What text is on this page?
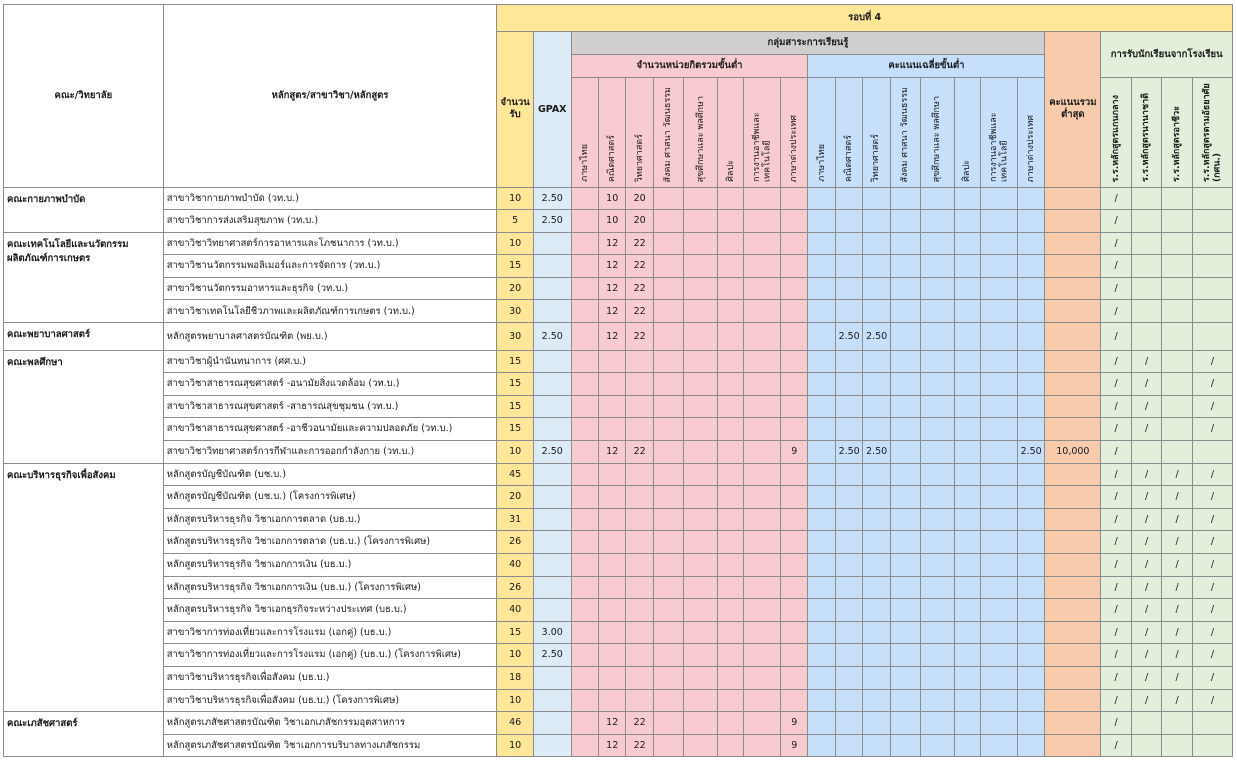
คณะ/วิทยาลัย	หลักสูตร/สาขาวิชา/หลักสูตร	รอบที่ 4																						
		จำนวนรับ	GPAX	กลุ่มสาระการเรียนรู้																คะแนนรวมต่ำสุด	การรับนักเรียนจากโรงเรียน			
				จำนวนหน่วยกิตรวมขั้นต่ำ								คะแนนเฉลี่ยขั้นต่ำ												
				ภาษาไทย	คณิตศาสตร์	วิทยาศาสตร์	สังคม ศาสนา วัฒนธรรม	สุขศึกษาและ พลศึกษา	ศิลปะ	การงานอาชีพและ เทคโนโลยี	ภาษาต่างประเทศ	ภาษาไทย	คณิตศาสตร์	วิทยาศาสตร์	สังคม ศาสนา วัฒนธรรม	สุขศึกษาและ พลศึกษา	ศิลปะ	การงานอาชีพและ เทคโนโลยี	ภาษาต่างประเทศ		ร.ร.หลักสูตรแกนกลาง	ร.ร.หลักสูตรนานาชาติ	ร.ร.หลักสูตรอาชีวะ	ร.ร.หลักสูตรตามอัธยาศัย (กศน.)
คณะกายภาพบำบัด	สาขาวิชากายภาพบำบัด (วท.บ.)	10	2.50		10	20															/			
	สาขาวิชาการส่งเสริมสุขภาพ (วท.บ.)	5	2.50		10	20															/			
คณะเทคโนโลยีและนวัตกรรมผลิตภัณฑ์การเกษตร	สาขาวิชาวิทยาศาสตร์การอาหารและโภชนาการ (วท.บ.)	10			12	22															/			
	สาขาวิชานวัตกรรมพอลิเมอร์และการจัดการ (วท.บ.)	15			12	22															/			
	สาขาวิชานวัตกรรมอาหารและธุรกิจ (วท.บ.)	20			12	22															/			
	สาขาวิชาเทคโนโลยีชีวภาพและผลิตภัณฑ์การเกษตร (วท.บ.)	30			12	22															/			
คณะพยาบาลศาสตร์	หลักสูตรพยาบาลศาสตรบัณฑิต (พย.บ.)	30	2.50		12	22							2.50	2.50							/			
คณะพลศึกษา	สาขาวิชาผู้นำนันทนาการ (ศศ.บ.)	15																			/	/		/
	สาขาวิชาสาธารณสุขศาสตร์ -อนามัยสิ่งแวดล้อม (วท.บ.)	15																			/	/		/
	สาขาวิชาสาธารณสุขศาสตร์ -สาธารณสุขชุมชน (วท.บ.)	15																			/	/		/
	สาขาวิชาสาธารณสุขศาสตร์ -อาชีวอนามัยและความปลอดภัย (วท.บ.)	15																			/	/		/
	สาขาวิชาวิทยาศาสตร์การกีฬาและการออกกำลังกาย (วท.บ.)	10	2.50		12	22					9		2.50	2.50					2.50	10,000	/			
คณะบริหารธุรกิจเพื่อสังคม	หลักสูตรบัญชีบัณฑิต (บช.บ.)	45																			/	/	/	/
	หลักสูตรบัญชีบัณฑิต (บช.บ.) (โครงการพิเศษ)	20																			/	/	/	/
	หลักสูตรบริหารธุรกิจ วิชาเอกการตลาด (บธ.บ.)	31																			/	/	/	/
	หลักสูตรบริหารธุรกิจ วิชาเอกการตลาด (บธ.บ.) (โครงการพิเศษ)	26																			/	/	/	/
	หลักสูตรบริหารธุรกิจ วิชาเอกการเงิน (บธ.บ.)	40																			/	/	/	/
	หลักสูตรบริหารธุรกิจ วิชาเอกการเงิน (บธ.บ.) (โครงการพิเศษ)	26																			/	/	/	/
	หลักสูตรบริหารธุรกิจ วิชาเอกธุรกิจระหว่างประเทศ (บธ.บ.)	40																			/	/	/	/
	สาขาวิชาการท่องเที่ยวและการโรงแรม (เอกคู่) (บธ.บ.)	15	3.00																		/	/	/	/
	สาขาวิชาการท่องเที่ยวและการโรงแรม (เอกคู่) (บธ.บ.) (โครงการพิเศษ)	10	2.50																		/	/	/	/
	สาขาวิชาบริหารธุรกิจเพื่อสังคม (บธ.บ.)	18																			/	/	/	/
	สาขาวิชาบริหารธุรกิจเพื่อสังคม (บธ.บ.) (โครงการพิเศษ)	10																			/	/	/	/
คณะเภสัชศาสตร์	หลักสูตรเภสัชศาสตรบัณฑิต วิชาเอกเภสัชกรรมอุตสาหการ	46			12	22					9										/			
	หลักสูตรเภสัชศาสตรบัณฑิต วิชาเอกการบริบาลทางเภสัชกรรม	10			12	22					9										/			
